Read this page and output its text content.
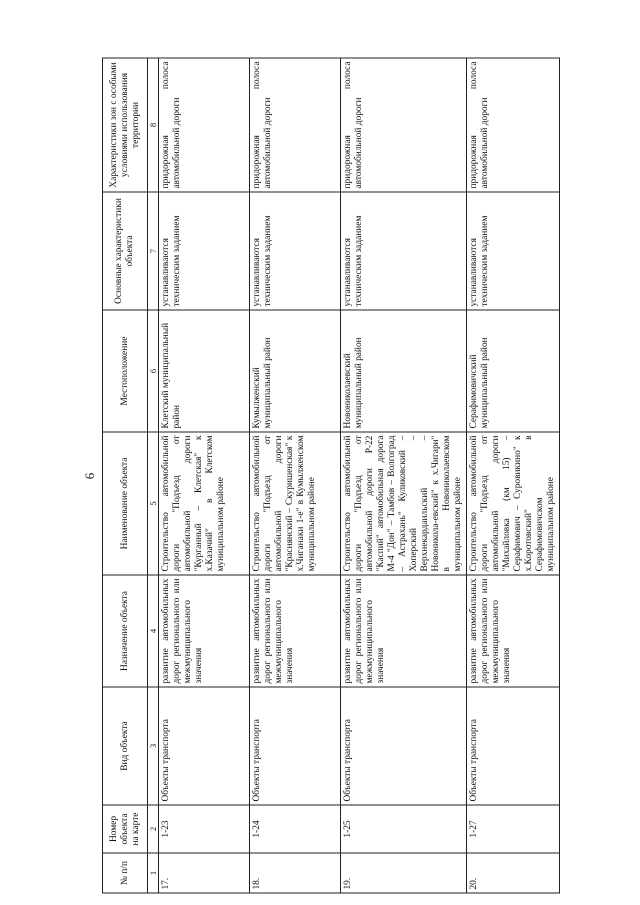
6
№ п/п	Номер объекта на карте	Вид объекта	Назначение объекта	Наименование объекта	Местоположение	Основные характеристики объекта	Характеристики зон с особыми условиями использования территории
1	2	3	4	5	6	7	8
17.	1-23	Объекты транспорта	развитие автомобильных дорог регионального или межмуниципального значения	Строительство автомобильной дороги "Подъезд от автомобильной дороги "Курганный – Клетская" к х.Казачий" в Клетском муниципальном районе	Клетский муниципальный район	устанавливаются техническим заданием	придорожная полоса автомобильной дороги
18.	1-24	Объекты транспорта	развитие автомобильных дорог регионального или межмуниципального значения	Строительство автомобильной дороги "Подъезд от автомобильной дороги "Краснянский – Скуришенская" к х.Чиганаки 1-е" в Кумылженском муниципальном районе	Кумылженский муниципальный район	устанавливаются техническим заданием	придорожная полоса автомобильной дороги
19.	1-25	Объекты транспорта	развитие автомобильных дорог регионального или межмуниципального значения	Строительство автомобильной дороги "Подъезд от автомобильной дороги Р-22 "Каспий" автомобильная дорога М-4 "Дон" – Тамбов – Волгоград – Астрахань" Куликовский – Хоперский – Верхнекардаильский – Новоникола-евский" к х.Чигари" в Новониколаевском муниципальном районе	Новониколаевский муниципальный район	устанавливаются техническим заданием	придорожная полоса автомобильной дороги
20.	1-27	Объекты транспорта	развитие автомобильных дорог регионального или межмуниципального значения	Строительство автомобильной дороги "Подъезд от автомобильной дороги "Михайловка (км 15) – Серафимович – Суровикино" к х.Коротовский" в Серафимовичском муниципальном районе	Серафимовичский муниципальный район	устанавливаются техническим заданием	придорожная полоса автомобильной дороги
